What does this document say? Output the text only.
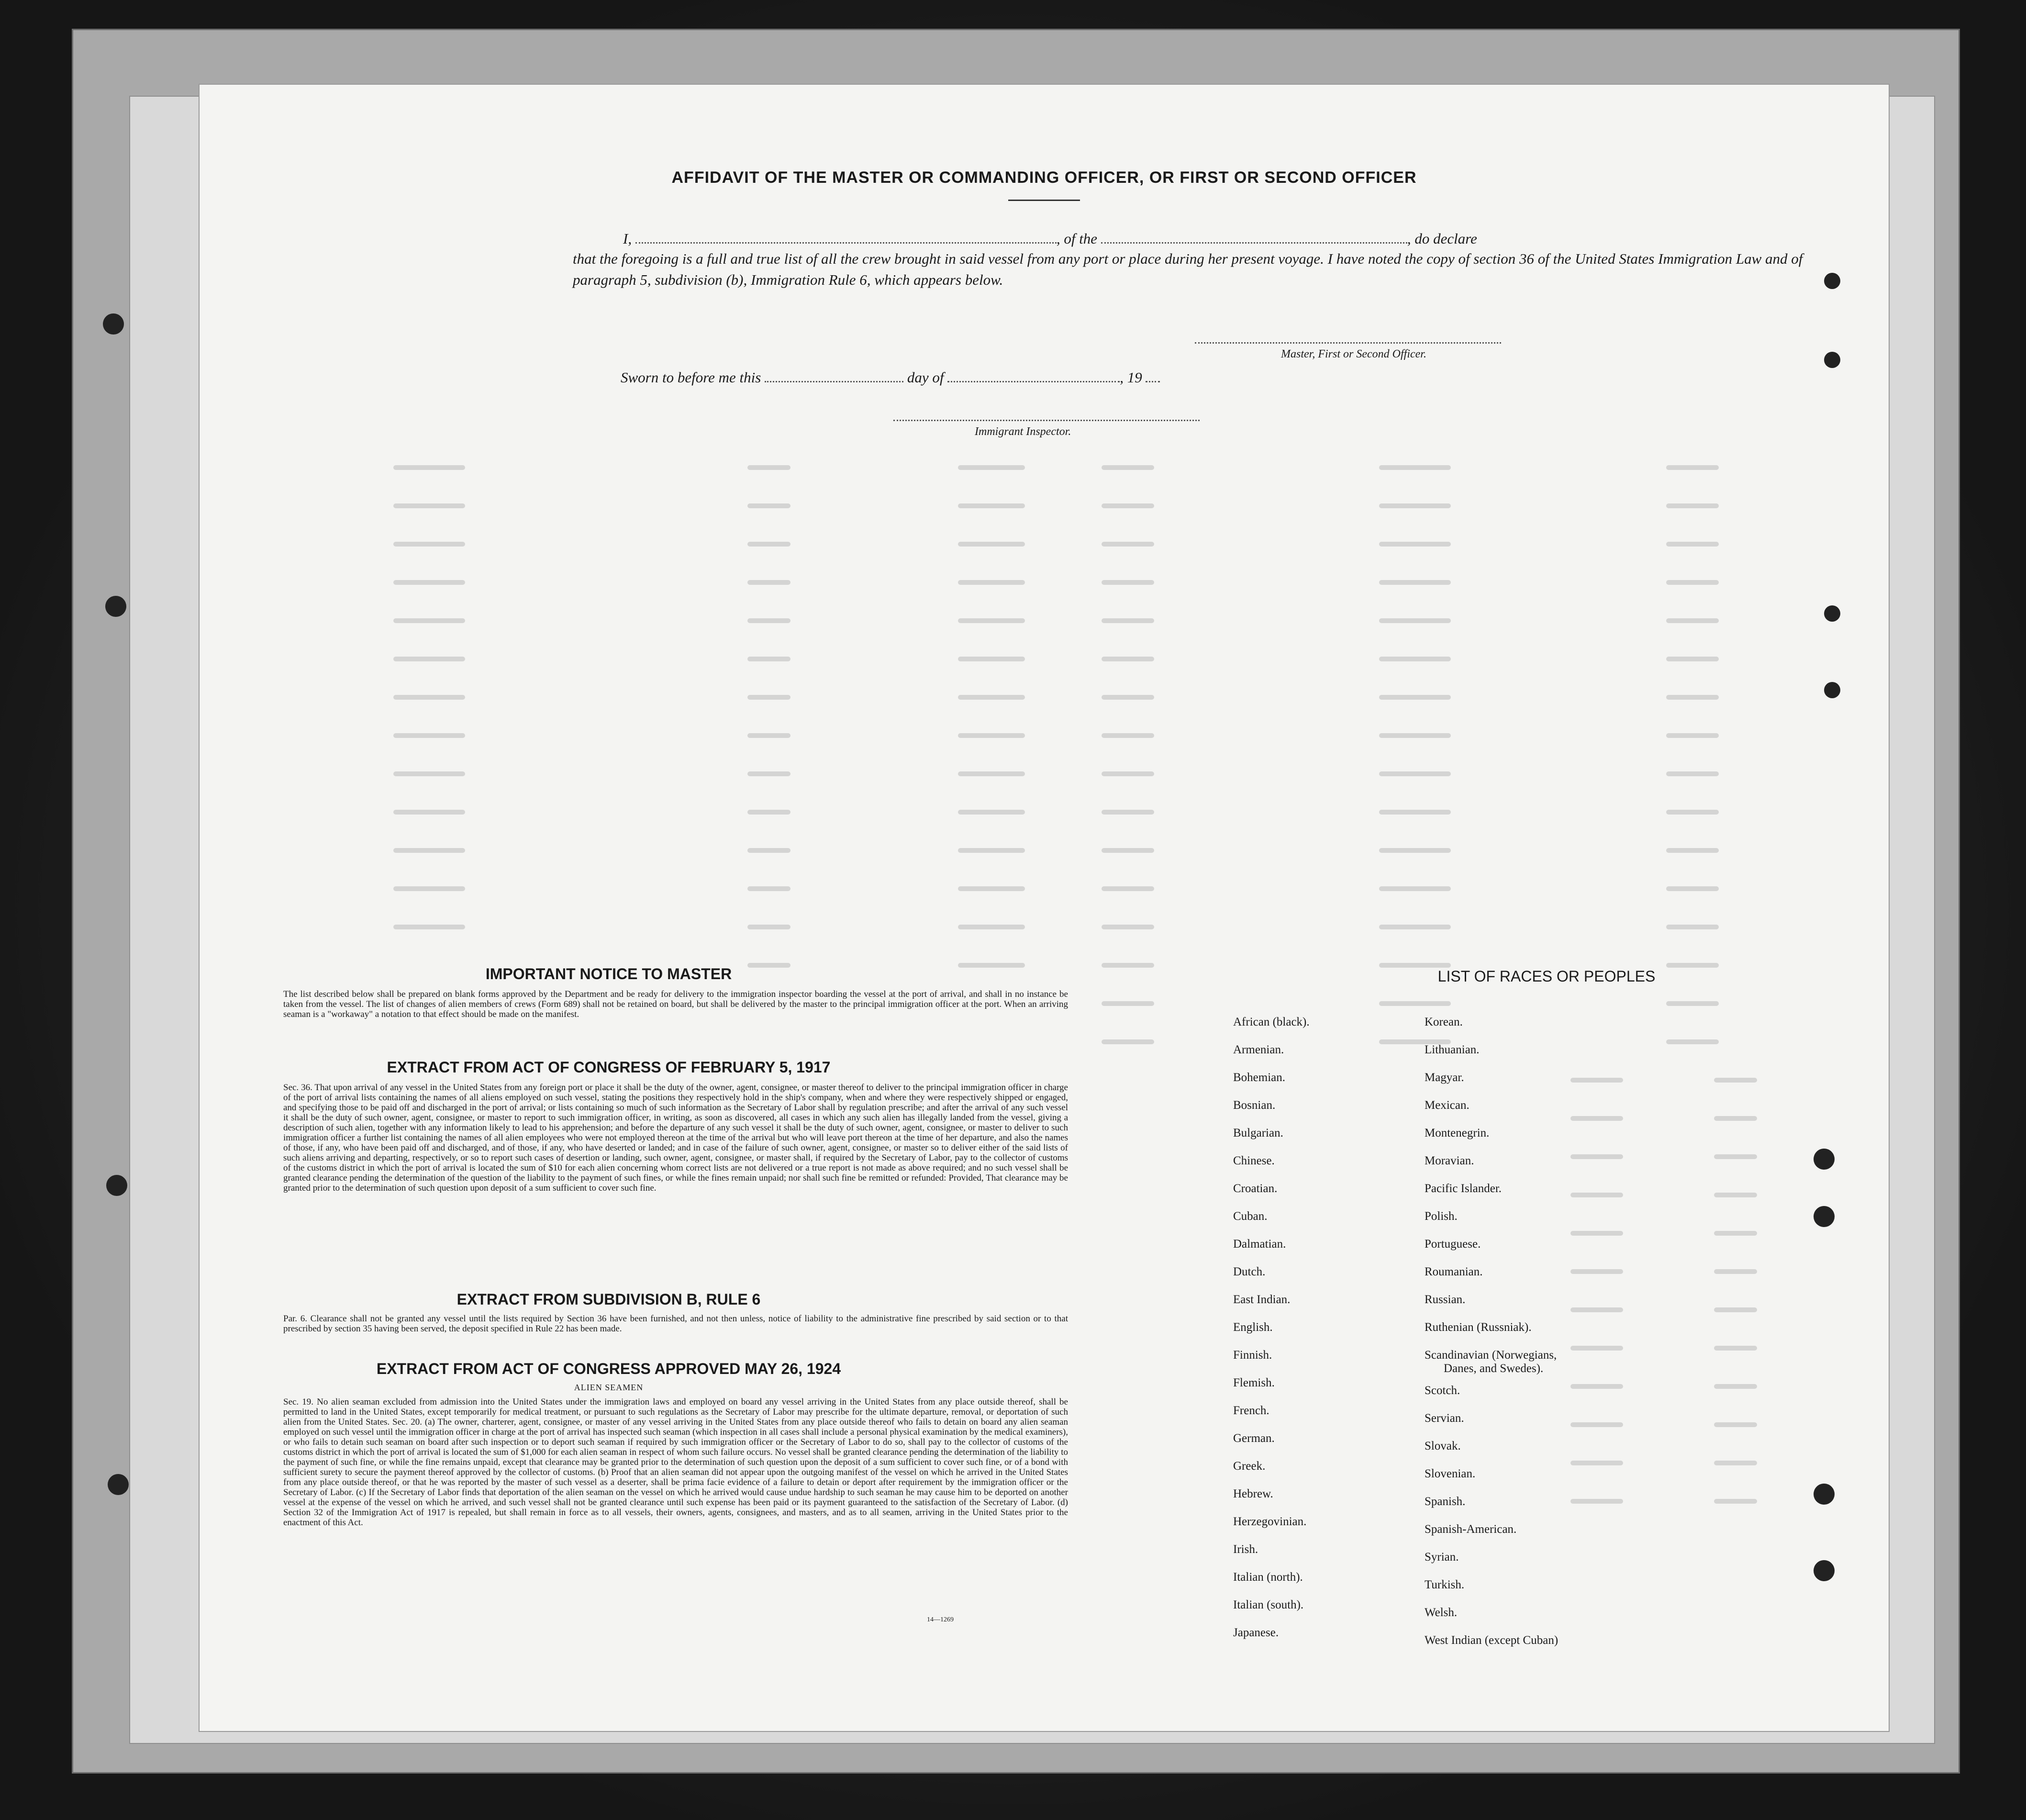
AFFIDAVIT OF THE MASTER OR COMMANDING OFFICER, OR FIRST OR SECOND OFFICER
I,	, of the	, do declare
that the foregoing is a full and true list of all the crew brought in said vessel from any port or place during her present voyage. I have noted the copy of section 36 of the United States Immigration Law and of paragraph 5, subdivision (b), Immigration Rule 6, which appears below.
Master, First or Second Officer.
Sworn to before me this	day of	, 19
Immigrant Inspector.
IMPORTANT NOTICE TO MASTER
The list described below shall be prepared on blank forms approved by the Department and be ready for delivery to the immigration inspector boarding the vessel at the port of arrival, and shall in no instance be taken from the vessel. The list of changes of alien members of crews (Form 689) shall not be retained on board, but shall be delivered by the master to the principal immigration officer at the port. When an arriving seaman is a "workaway" a notation to that effect should be made on the manifest.
EXTRACT FROM ACT OF CONGRESS OF FEBRUARY 5, 1917
Sec. 36. That upon arrival of any vessel in the United States from any foreign port or place it shall be the duty of the owner, agent, consignee, or master thereof to deliver to the principal immigration officer in charge of the port of arrival lists containing the names of all aliens employed on such vessel, stating the positions they respectively hold in the ship's company, when and where they were respectively shipped or engaged, and specifying those to be paid off and discharged in the port of arrival; or lists containing so much of such information as the Secretary of Labor shall by regulation prescribe; and after the arrival of any such vessel it shall be the duty of such owner, agent, consignee, or master to report to such immigration officer, in writing, as soon as discovered, all cases in which any such alien has illegally landed from the vessel, giving a description of such alien, together with any information likely to lead to his apprehension; and before the departure of any such vessel it shall be the duty of such owner, agent, consignee, or master to deliver to such immigration officer a further list containing the names of all alien employees who were not employed thereon at the time of the arrival but who will leave port thereon at the time of her departure, and also the names of those, if any, who have been paid off and discharged, and of those, if any, who have deserted or landed; and in case of the failure of such owner, agent, consignee, or master so to deliver either of the said lists of such aliens arriving and departing, respectively, or so to report such cases of desertion or landing, such owner, agent, consignee, or master shall, if required by the Secretary of Labor, pay to the collector of customs of the customs district in which the port of arrival is located the sum of $10 for each alien concerning whom correct lists are not delivered or a true report is not made as above required; and no such vessel shall be granted clearance pending the determination of the question of the liability to the payment of such fines, or while the fines remain unpaid; nor shall such fine be remitted or refunded: Provided, That clearance may be granted prior to the determination of such question upon deposit of a sum sufficient to cover such fine.
EXTRACT FROM SUBDIVISION B, RULE 6
Par. 6. Clearance shall not be granted any vessel until the lists required by Section 36 have been furnished, and not then unless, notice of liability to the administrative fine prescribed by said section or to that prescribed by section 35 having been served, the deposit specified in Rule 22 has been made.
EXTRACT FROM ACT OF CONGRESS APPROVED MAY 26, 1924
ALIEN SEAMEN
Sec. 19. No alien seaman excluded from admission into the United States under the immigration laws and employed on board any vessel arriving in the United States from any place outside thereof, shall be permitted to land in the United States, except temporarily for medical treatment, or pursuant to such regulations as the Secretary of Labor may prescribe for the ultimate departure, removal, or deportation of such alien from the United States. Sec. 20. (a) The owner, charterer, agent, consignee, or master of any vessel arriving in the United States from any place outside thereof who fails to detain on board any alien seaman employed on such vessel until the immigration officer in charge at the port of arrival has inspected such seaman (which inspection in all cases shall include a personal physical examination by the medical examiners), or who fails to detain such seaman on board after such inspection or to deport such seaman if required by such immigration officer or the Secretary of Labor to do so, shall pay to the collector of customs of the customs district in which the port of arrival is located the sum of $1,000 for each alien seaman in respect of whom such failure occurs. No vessel shall be granted clearance pending the determination of the liability to the payment of such fine, or while the fine remains unpaid, except that clearance may be granted prior to the determination of such question upon the deposit of a sum sufficient to cover such fine, or of a bond with sufficient surety to secure the payment thereof approved by the collector of customs. (b) Proof that an alien seaman did not appear upon the outgoing manifest of the vessel on which he arrived in the United States from any place outside thereof, or that he was reported by the master of such vessel as a deserter, shall be prima facie evidence of a failure to detain or deport after requirement by the immigration officer or the Secretary of Labor. (c) If the Secretary of Labor finds that deportation of the alien seaman on the vessel on which he arrived would cause undue hardship to such seaman he may cause him to be deported on another vessel at the expense of the vessel on which he arrived, and such vessel shall not be granted clearance until such expense has been paid or its payment guaranteed to the satisfaction of the Secretary of Labor. (d) Section 32 of the Immigration Act of 1917 is repealed, but shall remain in force as to all vessels, their owners, agents, consignees, and masters, and as to all seamen, arriving in the United States prior to the enactment of this Act.
14—1269
LIST OF RACES OR PEOPLES
African (black).
Armenian.
Bohemian.
Bosnian.
Bulgarian.
Chinese.
Croatian.
Cuban.
Dalmatian.
Dutch.
East Indian.
English.
Finnish.
Flemish.
French.
German.
Greek.
Hebrew.
Herzegovinian.
Irish.
Italian (north).
Italian (south).
Japanese.
Korean.
Lithuanian.
Magyar.
Mexican.
Montenegrin.
Moravian.
Pacific Islander.
Polish.
Portuguese.
Roumanian.
Russian.
Ruthenian (Russniak).
Scandinavian (Norwegians,
Danes, and Swedes).
Scotch.
Servian.
Slovak.
Slovenian.
Spanish.
Spanish-American.
Syrian.
Turkish.
Welsh.
West Indian (except Cuban)
